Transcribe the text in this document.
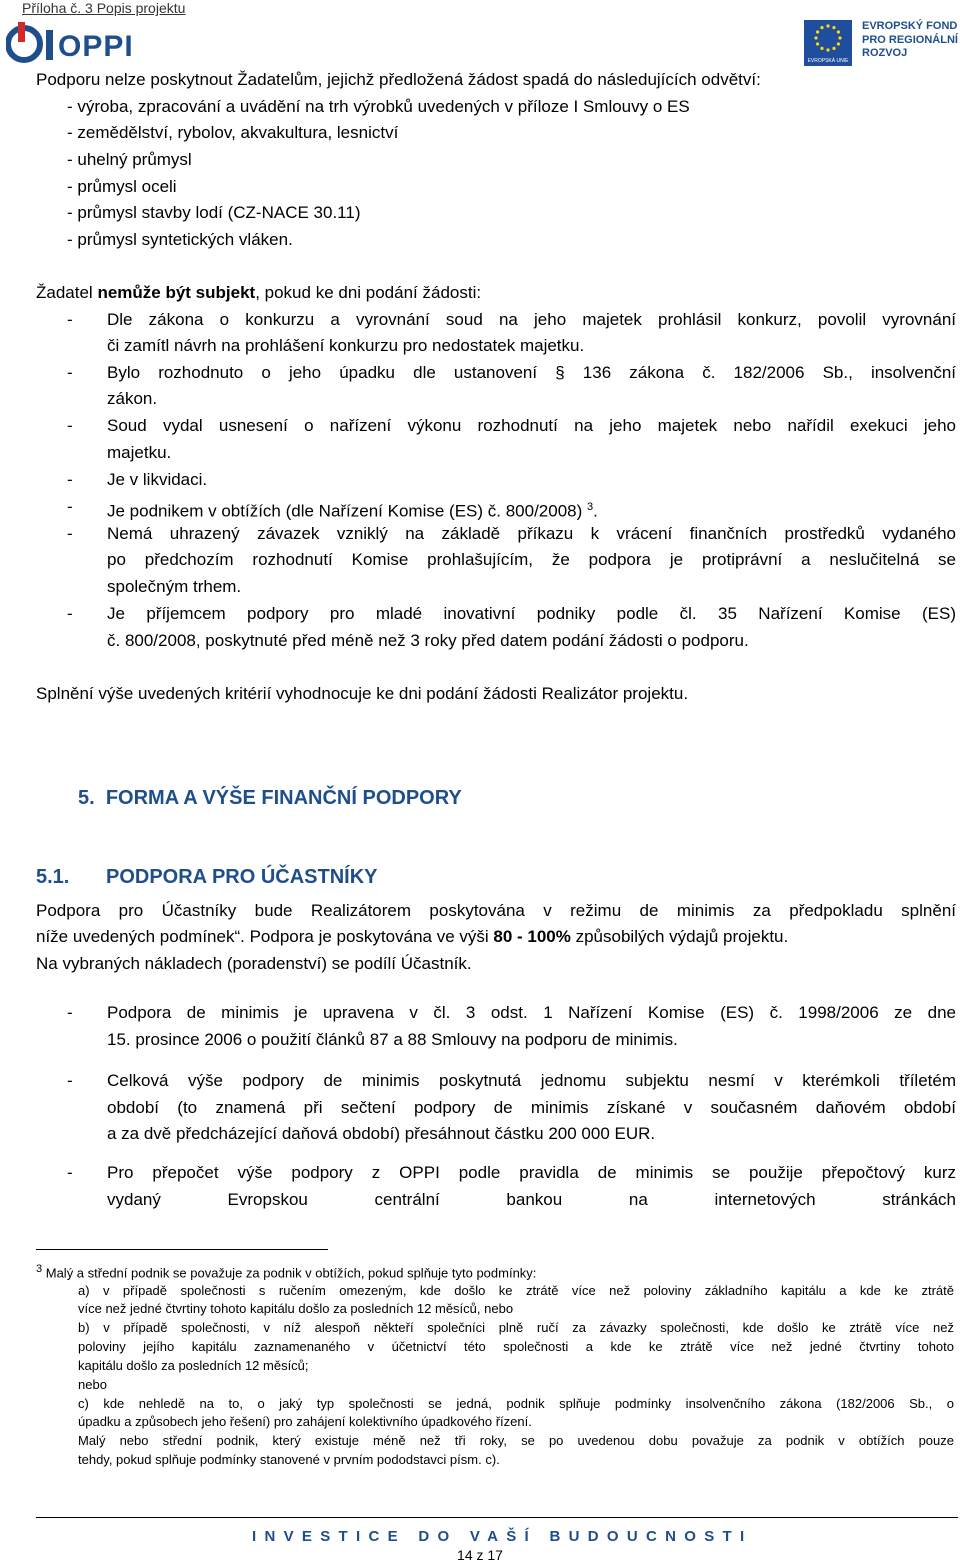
Příloha č. 3 Popis projektu
OPPI	EVROPSKÁ UNIE
EVROPSKÝ FOND
PRO REGIONÁLNÍ
ROZVOJ
Podporu nelze poskytnout Žadatelům, jejichž předložená žádost spadá do následujících odvětví:
- výroba, zpracování a uvádění na trh výrobků uvedených v příloze I Smlouvy o ES
- zemědělství, rybolov, akvakultura, lesnictví
- uhelný průmysl
- průmysl oceli
- průmysl stavby lodí (CZ-NACE 30.11)
- průmysl syntetických vláken.
Žadatel nemůže být subjekt, pokud ke dni podání žádosti:
- Dle zákona o konkurzu a vyrovnání soud na jeho majetek prohlásil konkurz, povolil vyrovnání
či zamítl návrh na prohlášení konkurzu pro nedostatek majetku.
- Bylo rozhodnuto o jeho úpadku dle ustanovení § 136 zákona č. 182/2006 Sb., insolvenční
zákon.
- Soud vydal usnesení o nařízení výkonu rozhodnutí na jeho majetek nebo nařídil exekuci jeho
majetku.
- Je v likvidaci.
- Je podnikem v obtížích (dle Nařízení Komise (ES) č. 800/2008) $^3$.
- Nemá uhrazený závazek vzniklý na základě příkazu k vrácení finančních prostředků vydaného
po předchozím rozhodnutí Komise prohlašujícím, že podpora je protiprávní a neslučitelná se
společným trhem.
- Je příjemcem podpory pro mladé inovativní podniky podle čl. 35 Nařízení Komise (ES)
č. 800/2008, poskytnuté před méně než 3 roky před datem podání žádosti o podporu.
Splnění výše uvedených kritérií vyhodnocuje ke dni podání žádosti Realizátor projektu.
5. FORMA A VÝŠE FINANČNÍ PODPORY
5.1. PODPORA PRO ÚČASTNÍKY
Podpora pro Účastníky bude Realizátorem poskytována v režimu de minimis za předpokladu splnění
níže uvedených podmínek“. Podpora je poskytována ve výši 80 - 100% způsobilých výdajů projektu.
Na vybraných nákladech (poradenství) se podílí Účastník.
- Podpora de minimis je upravena v čl. 3 odst. 1 Nařízení Komise (ES) č. 1998/2006 ze dne
15. prosince 2006 o použití článků 87 a 88 Smlouvy na podporu de minimis.
- Celková výše podpory de minimis poskytnutá jednomu subjektu nesmí v kterémkoli tříletém
období (to znamená při sečtení podpory de minimis získané v současném daňovém období
a za dvě předcházející daňová období) přesáhnout částku 200 000 EUR.
- Pro přepočet výše podpory z OPPI podle pravidla de minimis se použije přepočtový kurz
vydaný Evropskou centrální bankou na internetových stránkách
$^3$ Malý a střední podnik se považuje za podnik v obtížích, pokud splňuje tyto podmínky:
a) v případě společnosti s ručením omezeným, kde došlo ke ztrátě více než poloviny základního kapitálu a kde ke ztrátě
více než jedné čtvrtiny tohoto kapitálu došlo za posledních 12 měsíců, nebo
b) v případě společnosti, v níž alespoň někteří společníci plně ručí za závazky společnosti, kde došlo ke ztrátě více než
poloviny jejího kapitálu zaznamenaného v účetnictví této společnosti a kde ke ztrátě více než jedné čtvrtiny tohoto
kapitálu došlo za posledních 12 měsíců;
nebo
c) kde nehledě na to, o jaký typ společnosti se jedná, podnik splňuje podmínky insolvenčního zákona (182/2006 Sb., o
úpadku a způsobech jeho řešení) pro zahájení kolektivního úpadkového řízení.
Malý nebo střední podnik, který existuje méně než tři roky, se po uvedenou dobu považuje za podnik v obtížích pouze
tehdy, pokud splňuje podmínky stanovené v prvním pododstavci písm. c).
INVESTICE DO VAŠÍ BUDOUCNOSTI
14 z 17
